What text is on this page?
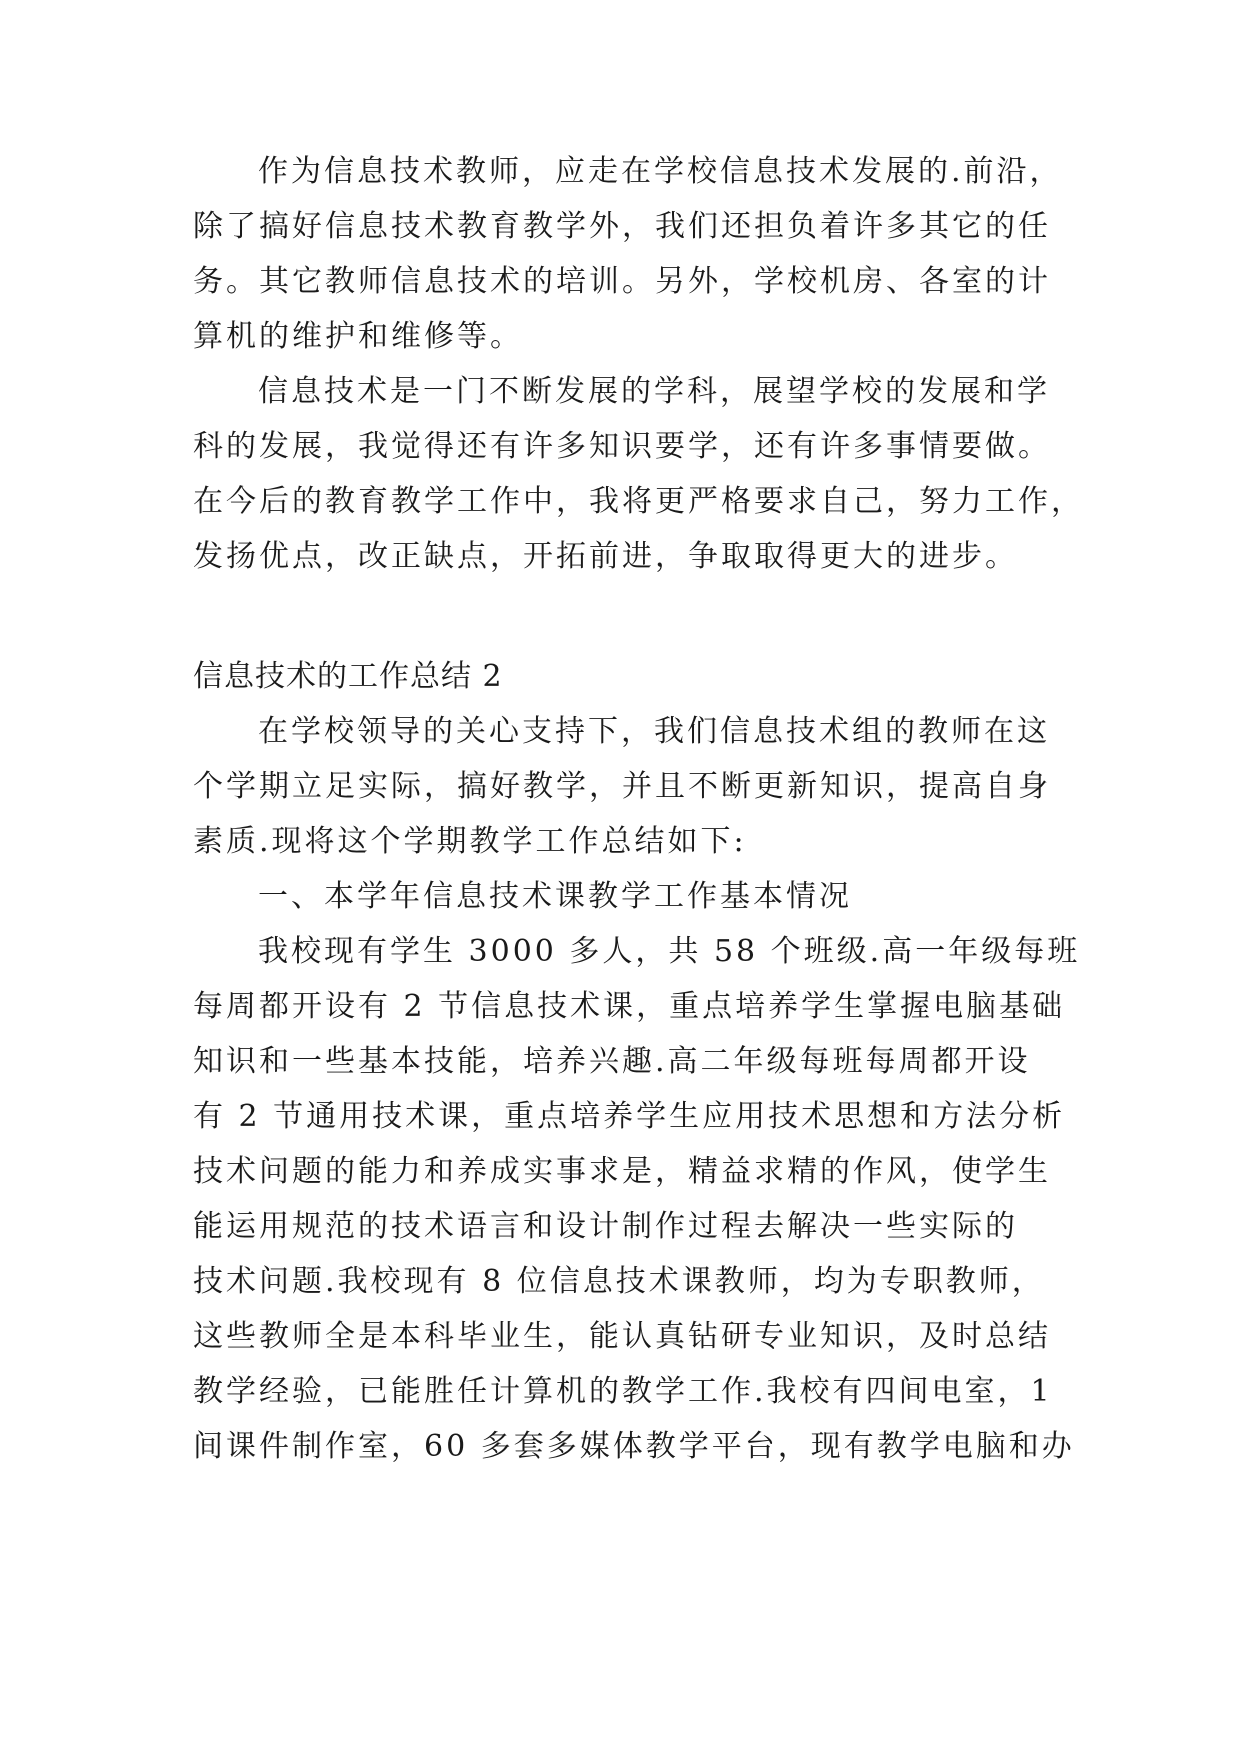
作为信息技术教师，应走在学校信息技术发展的.前沿，
除了搞好信息技术教育教学外，我们还担负着许多其它的任
务。其它教师信息技术的培训。另外，学校机房、各室的计
算机的维护和维修等。
信息技术是一门不断发展的学科，展望学校的发展和学
科的发展，我觉得还有许多知识要学，还有许多事情要做。
在今后的教育教学工作中，我将更严格要求自己，努力工作，
发扬优点，改正缺点，开拓前进，争取取得更大的进步。
信息技术的工作总结 2
在学校领导的关心支持下，我们信息技术组的教师在这
个学期立足实际，搞好教学，并且不断更新知识，提高自身
素质.现将这个学期教学工作总结如下:
一、本学年信息技术课教学工作基本情况
我校现有学生 3000 多人，共 58 个班级.高一年级每班
每周都开设有 2 节信息技术课，重点培养学生掌握电脑基础
知识和一些基本技能，培养兴趣.高二年级每班每周都开设
有 2 节通用技术课，重点培养学生应用技术思想和方法分析
技术问题的能力和养成实事求是，精益求精的作风，使学生
能运用规范的技术语言和设计制作过程去解决一些实际的
技术问题.我校现有 8 位信息技术课教师，均为专职教师，
这些教师全是本科毕业生，能认真钻研专业知识，及时总结
教学经验，已能胜任计算机的教学工作.我校有四间电室，1
间课件制作室，60 多套多媒体教学平台，现有教学电脑和办
